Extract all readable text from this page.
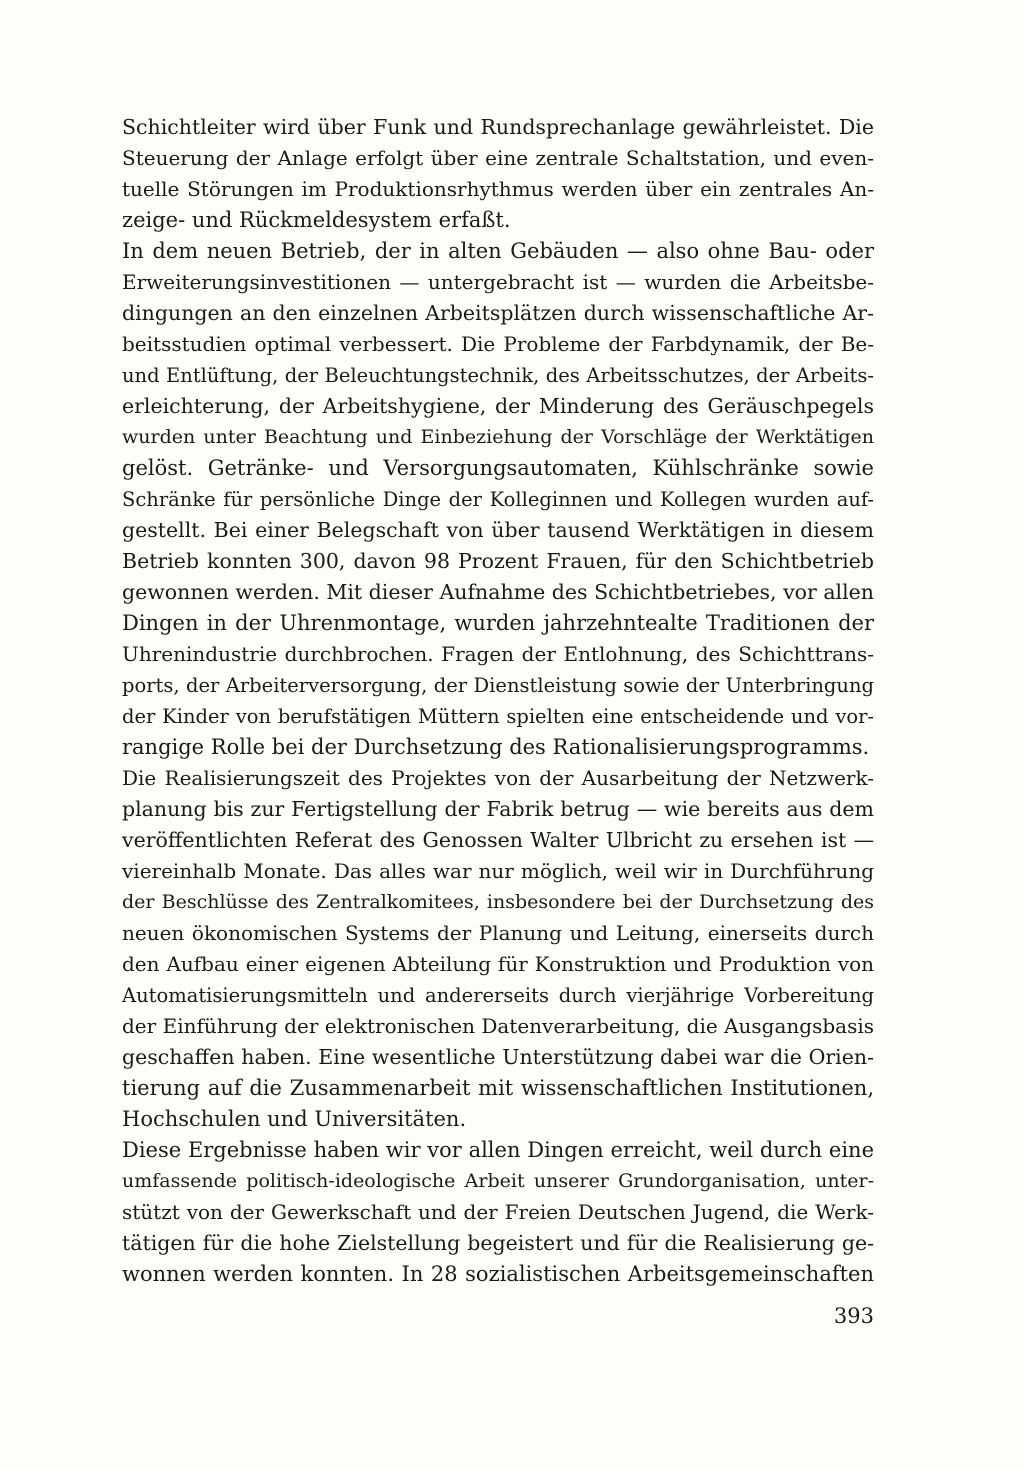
Schichtleiter wird über Funk und Rundsprechanlage gewährleistet. Die
Steuerung der Anlage erfolgt über eine zentrale Schaltstation, und even-
tuelle Störungen im Produktionsrhythmus werden über ein zentrales An-
zeige- und Rückmeldesystem erfaßt.
In dem neuen Betrieb, der in alten Gebäuden — also ohne Bau- oder
Erweiterungsinvestitionen — untergebracht ist — wurden die Arbeitsbe-
dingungen an den einzelnen Arbeitsplätzen durch wissenschaftliche Ar-
beitsstudien optimal verbessert. Die Probleme der Farbdynamik, der Be-
und Entlüftung, der Beleuchtungstechnik, des Arbeitsschutzes, der Arbeits-
erleichterung, der Arbeitshygiene, der Minderung des Geräuschpegels
wurden unter Beachtung und Einbeziehung der Vorschläge der Werktätigen
gelöst. Getränke- und Versorgungsautomaten, Kühlschränke sowie
Schränke für persönliche Dinge der Kolleginnen und Kollegen wurden auf-
gestellt. Bei einer Belegschaft von über tausend Werktätigen in diesem
Betrieb konnten 300, davon 98 Prozent Frauen, für den Schichtbetrieb
gewonnen werden. Mit dieser Aufnahme des Schichtbetriebes, vor allen
Dingen in der Uhrenmontage, wurden jahrzehntealte Traditionen der
Uhrenindustrie durchbrochen. Fragen der Entlohnung, des Schichttrans-
ports, der Arbeiterversorgung, der Dienstleistung sowie der Unterbringung
der Kinder von berufstätigen Müttern spielten eine entscheidende und vor-
rangige Rolle bei der Durchsetzung des Rationalisierungsprogramms.
Die Realisierungszeit des Projektes von der Ausarbeitung der Netzwerk-
planung bis zur Fertigstellung der Fabrik betrug — wie bereits aus dem
veröffentlichten Referat des Genossen Walter Ulbricht zu ersehen ist —
viereinhalb Monate. Das alles war nur möglich, weil wir in Durchführung
der Beschlüsse des Zentralkomitees, insbesondere bei der Durchsetzung des
neuen ökonomischen Systems der Planung und Leitung, einerseits durch
den Aufbau einer eigenen Abteilung für Konstruktion und Produktion von
Automatisierungsmitteln und andererseits durch vierjährige Vorbereitung
der Einführung der elektronischen Datenverarbeitung, die Ausgangsbasis
geschaffen haben. Eine wesentliche Unterstützung dabei war die Orien-
tierung auf die Zusammenarbeit mit wissenschaftlichen Institutionen,
Hochschulen und Universitäten.
Diese Ergebnisse haben wir vor allen Dingen erreicht, weil durch eine
umfassende politisch-ideologische Arbeit unserer Grundorganisation, unter-
stützt von der Gewerkschaft und der Freien Deutschen Jugend, die Werk-
tätigen für die hohe Zielstellung begeistert und für die Realisierung ge-
wonnen werden konnten. In 28 sozialistischen Arbeitsgemeinschaften
393
